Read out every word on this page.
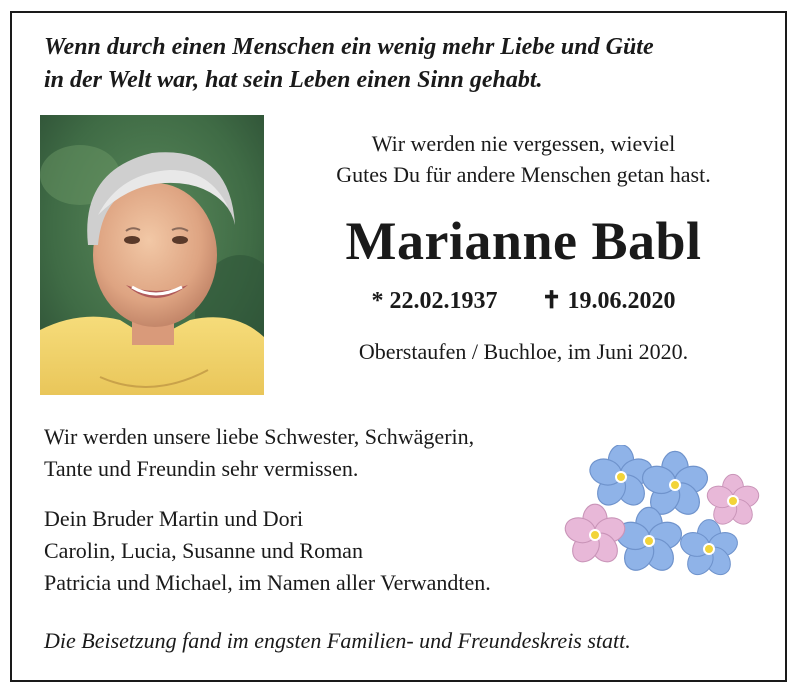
Wenn durch einen Menschen ein wenig mehr Liebe und Güte
in der Welt war, hat sein Leben einen Sinn gehabt.

Wir werden nie vergessen, wieviel
Gutes Du für andere Menschen getan hast.

Marianne Babl
* 22.02.1937 ✝ 19.06.2020

Oberstaufen / Buchloe, im Juni 2020.

Wir werden unsere liebe Schwester, Schwägerin,
Tante und Freundin sehr vermissen.

Dein Bruder Martin und Dori
Carolin, Lucia, Susanne und Roman
Patricia und Michael, im Namen aller Verwandten.

Die Beisetzung fand im engsten Familien- und Freundeskreis statt.
